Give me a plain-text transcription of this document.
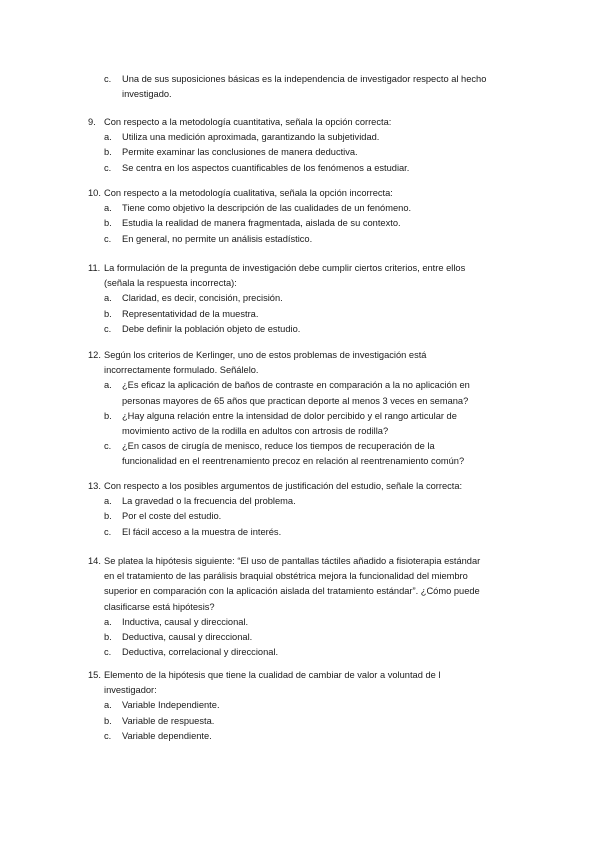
c. Una de sus suposiciones básicas es la independencia de investigador respecto al hecho
investigado.
9. Con respecto a la metodología cuantitativa, señala la opción correcta:
a. Utiliza una medición aproximada, garantizando la subjetividad.
b. Permite examinar las conclusiones de manera deductiva.
c. Se centra en los aspectos cuantificables de los fenómenos a estudiar.
10. Con respecto a la metodología cualitativa, señala la opción incorrecta:
a. Tiene como objetivo la descripción de las cualidades de un fenómeno.
b. Estudia la realidad de manera fragmentada, aislada de su contexto.
c. En general, no permite un análisis estadístico.
11. La formulación de la pregunta de investigación debe cumplir ciertos criterios, entre ellos
(señala la respuesta incorrecta):
a. Claridad, es decir, concisión, precisión.
b. Representatividad de la muestra.
c. Debe definir la población objeto de estudio.
12. Según los criterios de Kerlinger, uno de estos problemas de investigación está
incorrectamente formulado. Señálelo.
a. ¿Es eficaz la aplicación de baños de contraste en comparación a la no aplicación en
personas mayores de 65 años que practican deporte al menos 3 veces en semana?
b. ¿Hay alguna relación entre la intensidad de dolor percibido y el rango articular de
movimiento activo de la rodilla en adultos con artrosis de rodilla?
c. ¿En casos de cirugía de menisco, reduce los tiempos de recuperación de la
funcionalidad en el reentrenamiento precoz en relación al reentrenamiento común?
13. Con respecto a los posibles argumentos de justificación del estudio, señale la correcta:
a. La gravedad o la frecuencia del problema.
b. Por el coste del estudio.
c. El fácil acceso a la muestra de interés.
14. Se platea la hipótesis siguiente: “El uso de pantallas táctiles añadido a fisioterapia estándar
en el tratamiento de las parálisis braquial obstétrica mejora la funcionalidad del miembro
superior en comparación con la aplicación aislada del tratamiento estándar”. ¿Cómo puede
clasificarse está hipótesis?
a. Inductiva, causal y direccional.
b. Deductiva, causal y direccional.
c. Deductiva, correlacional y direccional.
15. Elemento de la hipótesis que tiene la cualidad de cambiar de valor a voluntad de l
investigador:
a. Variable Independiente.
b. Variable de respuesta.
c. Variable dependiente.
